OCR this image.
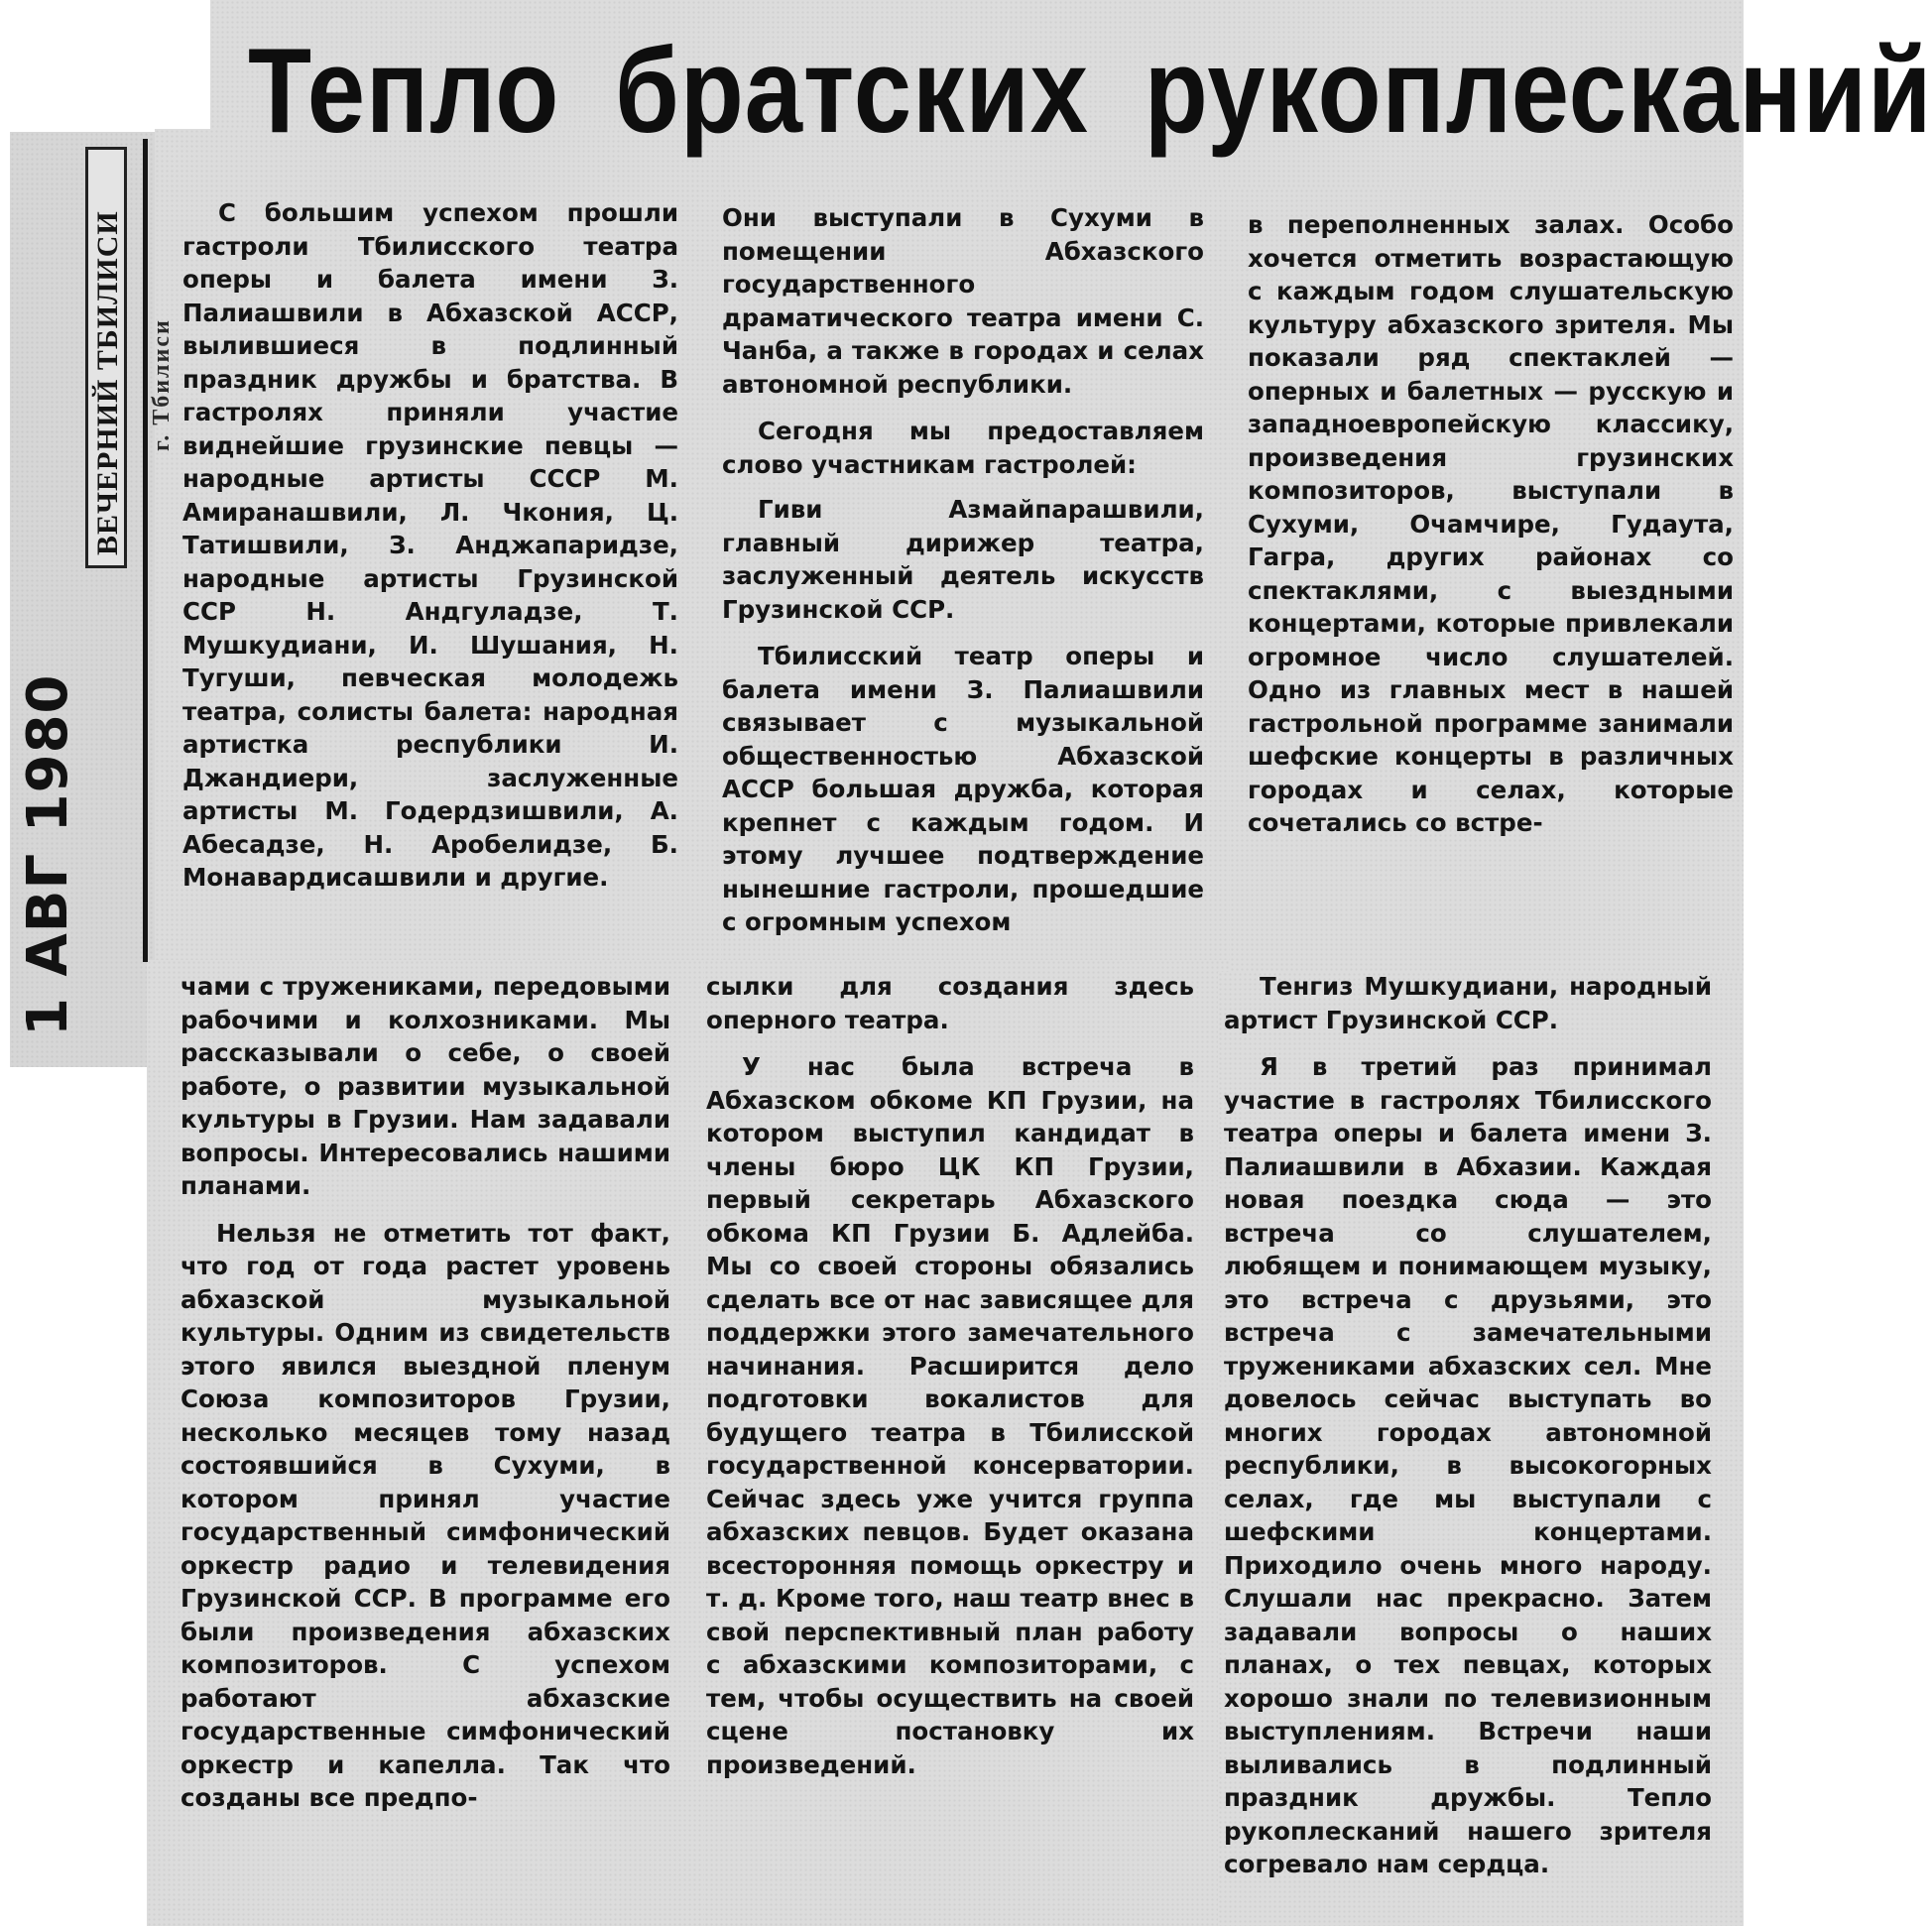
Тепло братских рукоплесканий
ВЕЧЕРНИЙ ТБИЛИСИ г. Тбилиси
1 АВГ 1980

С большим успехом прошли гастроли Тбилисского театра оперы и балета имени З. Палиашвили в Абхазской АССР, вылившиеся в подлинный праздник дружбы и братства. В гастролях приняли участие виднейшие грузинские певцы — народные артисты СССР М. Амиранашвили, Л. Чкония, Ц. Татишвили, З. Анджапаридзе, народные артисты Грузинской ССР Н. Андгуладзе, Т. Мушкудиани, И. Шушания, Н. Тугуши, певческая молодежь театра, солисты балета: народная артистка республики И. Джандиери, заслуженные артисты М. Годердзишвили, А. Абесадзе, Н. Аробелидзе, Б. Монавардисашвили и другие.

Они выступали в Сухуми в помещении Абхазского государственного драматического театра имени С. Чанба, а также в городах и селах автономной республики.

Сегодня мы предоставляем слово участникам гастролей:

Гиви Азмайпарашвили, главный дирижер театра, заслуженный деятель искусств Грузинской ССР.

Тбилисский театр оперы и балета имени З. Палиашвили связывает с музыкальной общественностью Абхазской АССР большая дружба, которая крепнет с каждым годом. И этому лучшее подтверждение нынешние гастроли, прошедшие с огромным успехом

в переполненных залах. Особо хочется отметить возрастающую с каждым годом слушательскую культуру абхазского зрителя. Мы показали ряд спектаклей — оперных и балетных — русскую и западноевропейскую классику, произведения грузинских композиторов, выступали в Сухуми, Очамчире, Гудаута, Гагра, других районах со спектаклями, с выездными концертами, которые привлекали огромное число слушателей. Одно из главных мест в нашей гастрольной программе занимали шефские концерты в различных городах и селах, которые сочетались со встре-

чами с тружениками, передовыми рабочими и колхозниками. Мы рассказывали о себе, о своей работе, о развитии музыкальной культуры в Грузии. Нам задавали вопросы. Интересовались нашими планами.

Нельзя не отметить тот факт, что год от года растет уровень абхазской музыкальной культуры. Одним из свидетельств этого явился выездной пленум Союза композиторов Грузии, несколько месяцев тому назад состоявшийся в Сухуми, в котором принял участие государственный симфонический оркестр радио и телевидения Грузинской ССР. В программе его были произведения абхазских композиторов. С успехом работают абхазские государственные симфонический оркестр и капелла. Так что созданы все предпо-

сылки для создания здесь оперного театра.

У нас была встреча в Абхазском обкоме КП Грузии, на котором выступил кандидат в члены бюро ЦК КП Грузии, первый секретарь Абхазского обкома КП Грузии Б. Адлейба. Мы со своей стороны обязались сделать все от нас зависящее для поддержки этого замечательного начинания. Расширится дело подготовки вокалистов для будущего театра в Тбилисской государственной консерватории. Сейчас здесь уже учится группа абхазских певцов. Будет оказана всесторонняя помощь оркестру и т. д. Кроме того, наш театр внес в свой перспективный план работу с абхазскими композиторами, с тем, чтобы осуществить на своей сцене постановку их произведений.

Тенгиз Мушкудиани, народный артист Грузинской ССР.

Я в третий раз принимал участие в гастролях Тбилисского театра оперы и балета имени З. Палиашвили в Абхазии. Каждая новая поездка сюда — это встреча со слушателем, любящем и понимающем музыку, это встреча с друзьями, это встреча с замечательными тружениками абхазских сел. Мне довелось сейчас выступать во многих городах автономной республики, в высокогорных селах, где мы выступали с шефскими концертами. Приходило очень много народу. Слушали нас прекрасно. Затем задавали вопросы о наших планах, о тех певцах, которых хорошо знали по телевизионным выступлениям. Встречи наши выливались в подлинный праздник дружбы. Тепло рукоплесканий нашего зрителя согревало нам сердца.
